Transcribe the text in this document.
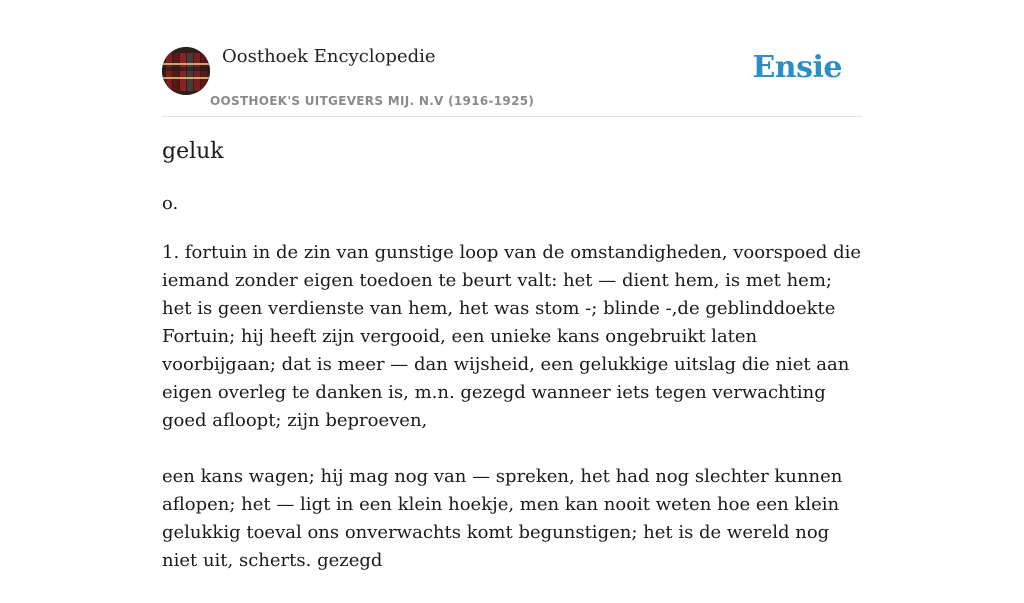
Oosthoek Encyclopedie
OOSTHOEK'S UITGEVERS MIJ. N.V (1916-1925)
Ensie
geluk
o.

1. fortuin in de zin van gunstige loop van de omstandigheden, voorspoed die iemand zonder eigen toedoen te beurt valt: het — dient hem, is met hem; het is geen verdienste van hem, het was stom -; blinde -,de geblinddoekte Fortuin; hij heeft zijn vergooid, een unieke kans ongebruikt laten voorbijgaan; dat is meer — dan wijsheid, een gelukkige uitslag die niet aan eigen overleg te danken is, m.n. gezegd wanneer iets tegen verwachting goed afloopt; zijn beproeven,

een kans wagen; hij mag nog van — spreken, het had nog slechter kunnen aflopen; het — ligt in een klein hoekje, men kan nooit weten hoe een klein gelukkig toeval ons onverwachts komt begunstigen; het is de wereld nog niet uit, scherts. gezegd
